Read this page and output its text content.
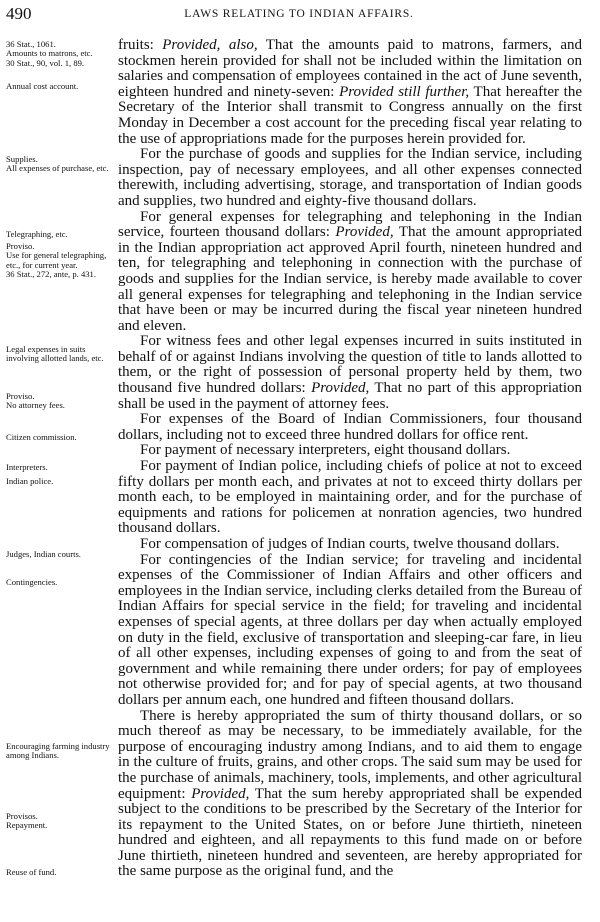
490	LAWS RELATING TO INDIAN AFFAIRS.
36 Stat., 1061.
Amounts to matrons, etc.
30 Stat., 90, vol. 1, 89.
Annual cost account.
Supplies.
All expenses of purchase, etc.
Telegraphing, etc.
Proviso.
Use for general telegraphing, etc., for current year.
36 Stat., 272, ante, p. 431.
Legal expenses in suits involving allotted lands, etc.
Proviso.
No attorney fees.
Citizen commission.
Interpreters.
Indian police.
Judges, Indian courts.
Contingencies.
Encouraging farming industry among Indians.
Provisos.
Repayment.
Reuse of fund.

fruits: Provided, also, That the amounts paid to matrons, farmers, and stockmen herein provided for shall not be included within the limitation on salaries and compensation of employees contained in the act of June seventh, eighteen hundred and ninety-seven: Provided still further, That hereafter the Secretary of the Interior shall transmit to Congress annually on the first Monday in December a cost account for the preceding fiscal year relating to the use of appropriations made for the purposes herein provided for.

For the purchase of goods and supplies for the Indian service, including inspection, pay of necessary employees, and all other expenses connected therewith, including advertising, storage, and transportation of Indian goods and supplies, two hundred and eighty-five thousand dollars.

For general expenses for telegraphing and telephoning in the Indian service, fourteen thousand dollars: Provided, That the amount appropriated in the Indian appropriation act approved April fourth, nineteen hundred and ten, for telegraphing and telephoning in connection with the purchase of goods and supplies for the Indian service, is hereby made available to cover all general expenses for telegraphing and telephoning in the Indian service that have been or may be incurred during the fiscal year nineteen hundred and eleven.

For witness fees and other legal expenses incurred in suits instituted in behalf of or against Indians involving the question of title to lands allotted to them, or the right of possession of personal property held by them, two thousand five hundred dollars: Provided, That no part of this appropriation shall be used in the payment of attorney fees.

For expenses of the Board of Indian Commissioners, four thousand dollars, including not to exceed three hundred dollars for office rent.

For payment of necessary interpreters, eight thousand dollars.

For payment of Indian police, including chiefs of police at not to exceed fifty dollars per month each, and privates at not to exceed thirty dollars per month each, to be employed in maintaining order, and for the purchase of equipments and rations for policemen at nonration agencies, two hundred thousand dollars.

For compensation of judges of Indian courts, twelve thousand dollars.

For contingencies of the Indian service; for traveling and incidental expenses of the Commissioner of Indian Affairs and other officers and employees in the Indian service, including clerks detailed from the Bureau of Indian Affairs for special service in the field; for traveling and incidental expenses of special agents, at three dollars per day when actually employed on duty in the field, exclusive of transportation and sleeping-car fare, in lieu of all other expenses, including expenses of going to and from the seat of government and while remaining there under orders; for pay of employees not otherwise provided for; and for pay of special agents, at two thousand dollars per annum each, one hundred and fifteen thousand dollars.

There is hereby appropriated the sum of thirty thousand dollars, or so much thereof as may be necessary, to be immediately available, for the purpose of encouraging industry among Indians, and to aid them to engage in the culture of fruits, grains, and other crops. The said sum may be used for the purchase of animals, machinery, tools, implements, and other agricultural equipment: Provided, That the sum hereby appropriated shall be expended subject to the conditions to be prescribed by the Secretary of the Interior for its repayment to the United States, on or before June thirtieth, nineteen hundred and eighteen, and all repayments to this fund made on or before June thirtieth, nineteen hundred and seventeen, are hereby appropriated for the same purpose as the original fund, and the
